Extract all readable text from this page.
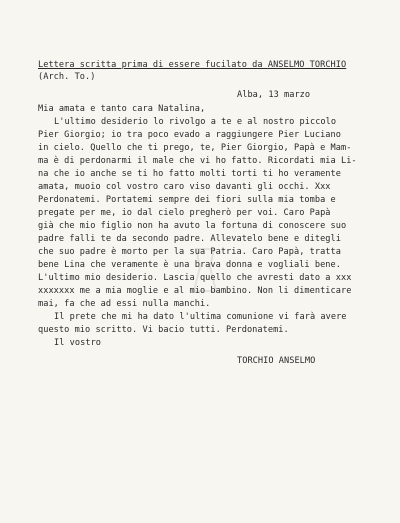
Lettera scritta prima di essere fucilato da ANSELMO TORCHIO
(Arch. To.)
Alba, 13 marzo
Mia amata e tanto cara Natalina,
L'ultimo desiderio lo rivolgo a te e al nostro piccolo
Pier Giorgio; io tra poco evado a raggiungere Pier Luciano
in cielo. Quello che ti prego, te, Pier Giorgio, Papà e Mam-
ma è di perdonarmi il male che vi ho fatto. Ricordati mia Li-
na che io anche se ti ho fatto molti torti ti ho veramente
amata, muoio col vostro caro viso davanti gli occhi. Xxx
Perdonatemi. Portatemi sempre dei fiori sulla mia tomba e
pregate per me, io dal cielo pregherò per voi. Caro Papà
già che mio figlio non ha avuto la fortuna di conoscere suo
padre falli te da secondo padre. Allevatelo bene e ditegli
che suo padre è morto per la sua Patria. Caro Papà, tratta
bene Lina che veramente è una brava donna e vogliali bene.
L'ultimo mio desiderio. Lascia quello che avresti dato a xxx
xxxxxxx me a mia moglie e al mio bambino. Non li dimenticare
mai, fa che ad essi nulla manchi.
Il prete che mi ha dato l'ultima comunione vi farà avere
questo mio scritto. Vi bacio tutti. Perdonatemi.
Il vostro
TORCHIO ANSELMO
